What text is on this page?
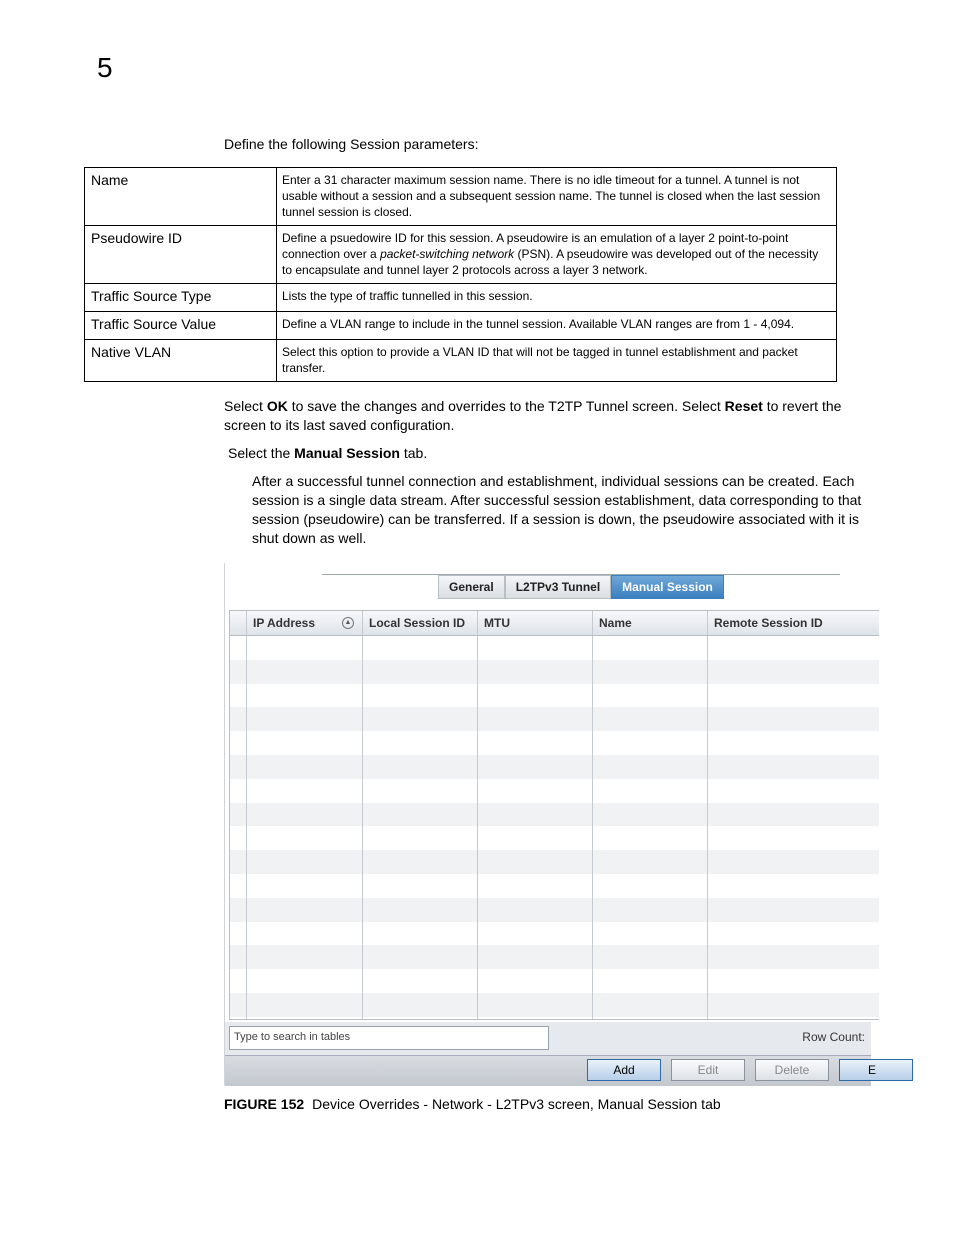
5
Define the following Session parameters:
Name	Enter a 31 character maximum session name. There is no idle timeout for a tunnel. A tunnel is not usable without a session and a subsequent session name. The tunnel is closed when the last session tunnel session is closed.
Pseudowire ID	Define a psuedowire ID for this session. A pseudowire is an emulation of a layer 2 point-to-point connection over a packet-switching network (PSN). A pseudowire was developed out of the necessity to encapsulate and tunnel layer 2 protocols across a layer 3 network.
Traffic Source Type	Lists the type of traffic tunnelled in this session.
Traffic Source Value	Define a VLAN range to include in the tunnel session. Available VLAN ranges are from 1 - 4,094.
Native VLAN	Select this option to provide a VLAN ID that will not be tagged in tunnel establishment and packet transfer.
Select OK to save the changes and overrides to the T2TP Tunnel screen. Select Reset to revert the screen to its last saved configuration.
Select the Manual Session tab.
After a successful tunnel connection and establishment, individual sessions can be created. Each session is a single data stream. After successful session establishment, data corresponding to that session (pseudowire) can be transferred. If a session is down, the pseudowire associated with it is shut down as well.
General	L2TPv3 Tunnel	Manual Session
IP Address	▲	Local Session ID	MTU	Name	Remote Session ID
Type to search in tables	Row Count:
Add	Edit	Delete	E
FIGURE 152 Device Overrides - Network - L2TPv3 screen, Manual Session tab
